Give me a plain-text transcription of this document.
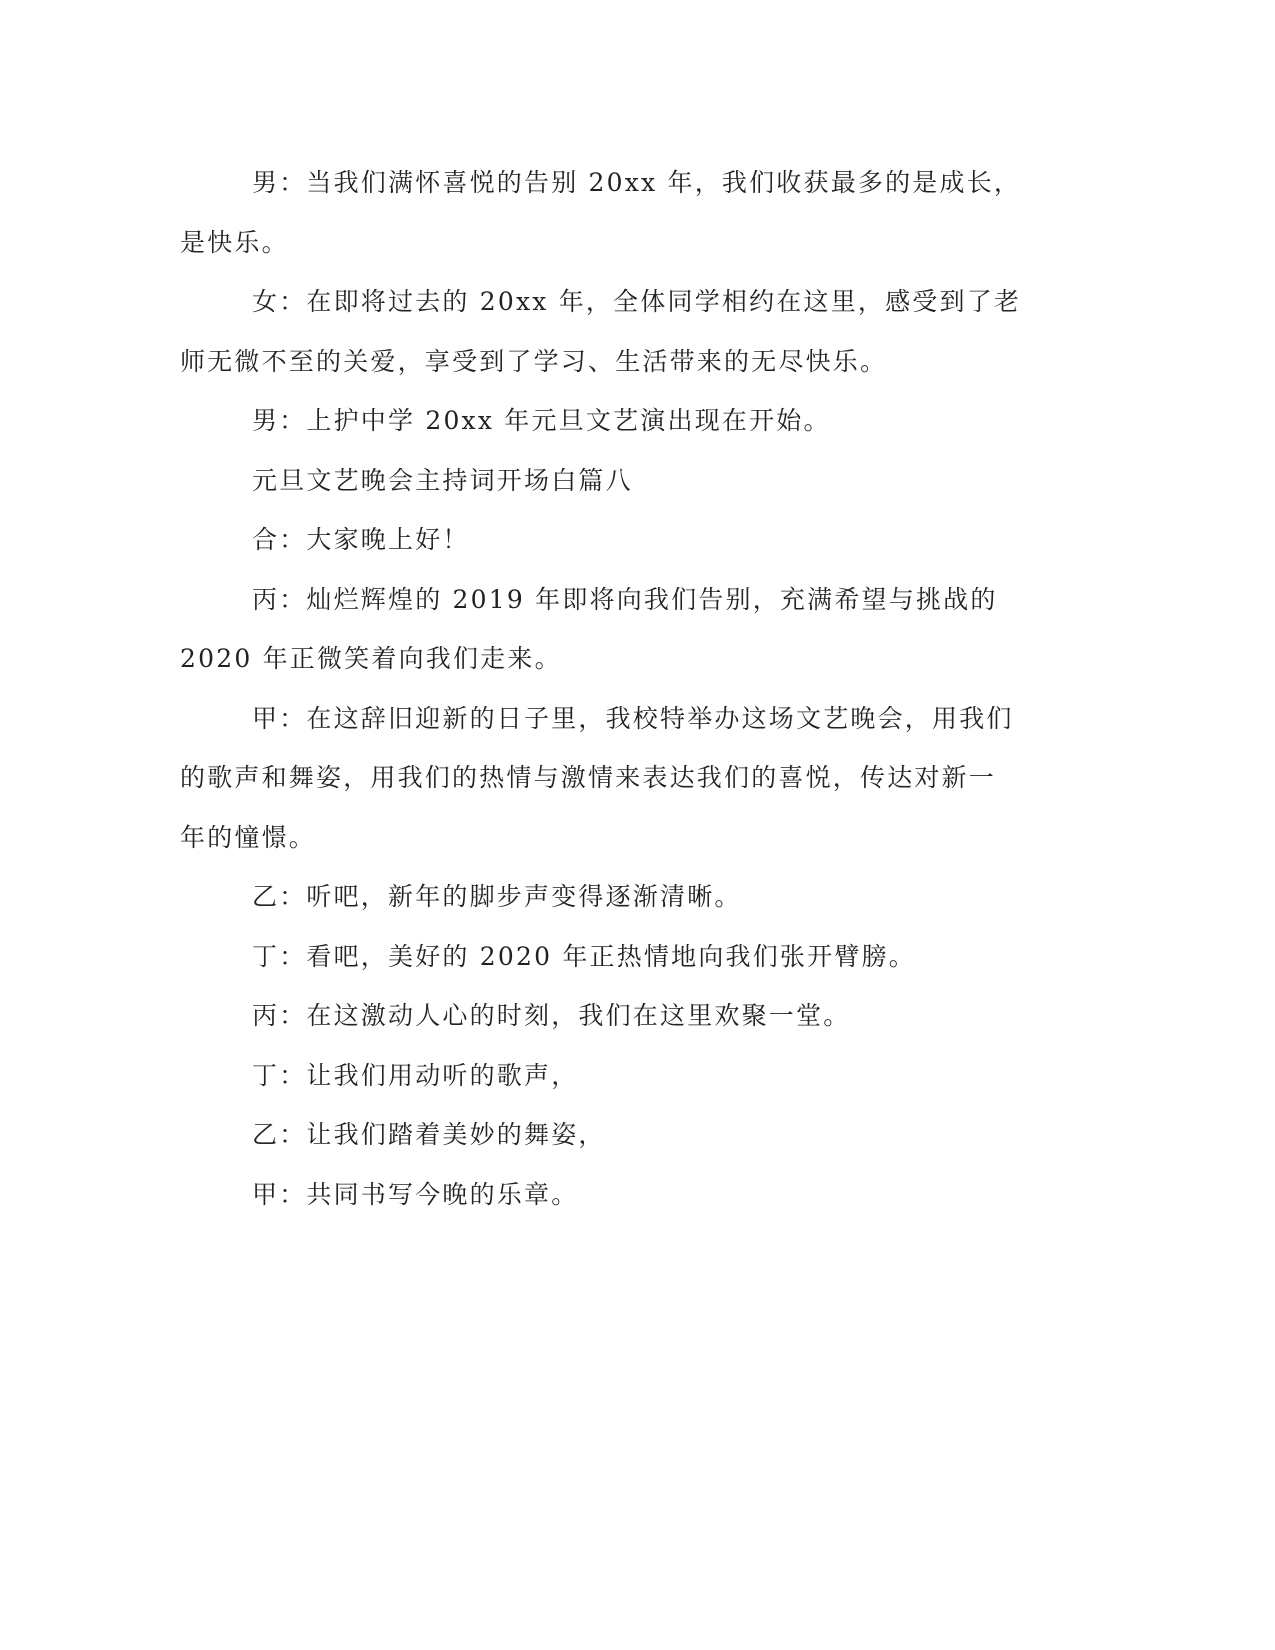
男：当我们满怀喜悦的告别 20xx 年，我们收获最多的是成长，
是快乐。
女：在即将过去的 20xx 年，全体同学相约在这里，感受到了老
师无微不至的关爱，享受到了学习、生活带来的无尽快乐。
男：上护中学 20xx 年元旦文艺演出现在开始。
元旦文艺晚会主持词开场白篇八
合：大家晚上好！
丙：灿烂辉煌的 2019 年即将向我们告别，充满希望与挑战的
2020 年正微笑着向我们走来。
甲：在这辞旧迎新的日子里，我校特举办这场文艺晚会，用我们
的歌声和舞姿，用我们的热情与激情来表达我们的喜悦，传达对新一
年的憧憬。
乙：听吧，新年的脚步声变得逐渐清晰。
丁：看吧，美好的 2020 年正热情地向我们张开臂膀。
丙：在这激动人心的时刻，我们在这里欢聚一堂。
丁：让我们用动听的歌声，
乙：让我们踏着美妙的舞姿，
甲：共同书写今晚的乐章。
